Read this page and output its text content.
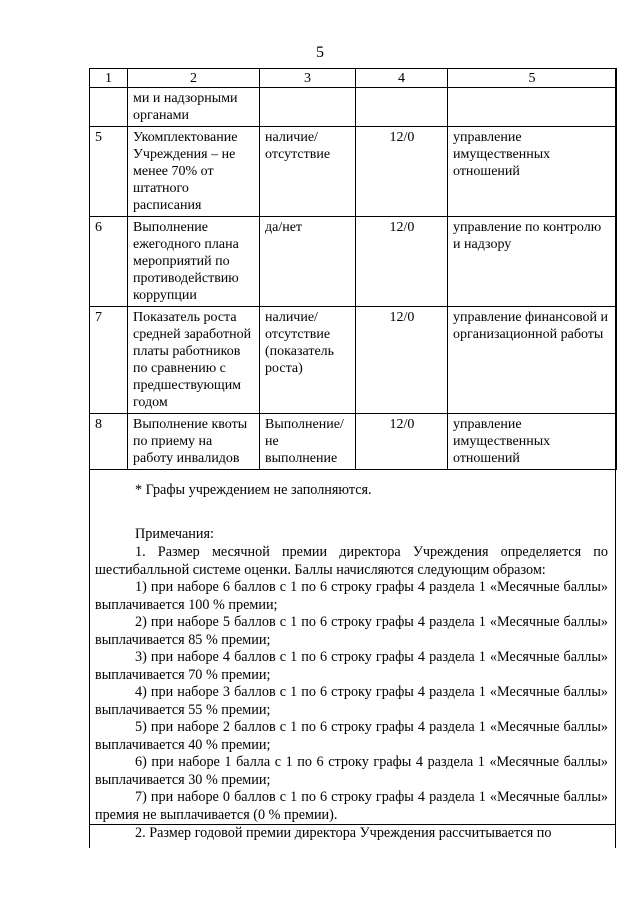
5
1	2	3	4	5
	ми и надзорными органами			
5	Укомплектование Учреждения – не менее 70% от штатного расписания	наличие/ отсутствие	12/0	управление имущественных отношений
6	Выполнение ежегодного плана мероприятий по противодействию коррупции	да/нет	12/0	управление по контролю и надзору
7	Показатель роста средней заработной платы работников по сравнению с предшествующим годом	наличие/ отсутствие (показатель роста)	12/0	управление финансовой и организационной работы
8	Выполнение квоты по приему на работу инвалидов	Выполнение/ не выполнение	12/0	управление имущественных отношений

* Графы учреждением не заполняются.

Примечания:

1. Размер месячной премии директора Учреждения определяется по шестибалльной системе оценки. Баллы начисляются следующим образом:

1) при наборе 6 баллов с 1 по 6 строку графы 4 раздела 1 «Месячные баллы» выплачивается 100 % премии;

2) при наборе 5 баллов с 1 по 6 строку графы 4 раздела 1 «Месячные баллы» выплачивается 85 % премии;

3) при наборе 4 баллов с 1 по 6 строку графы 4 раздела 1 «Месячные баллы» выплачивается 70 % премии;

4) при наборе 3 баллов с 1 по 6 строку графы 4 раздела 1 «Месячные баллы» выплачивается 55 % премии;

5) при наборе 2 баллов с 1 по 6 строку графы 4 раздела 1 «Месячные баллы» выплачивается 40 % премии;

6) при наборе 1 балла с 1 по 6 строку графы 4 раздела 1 «Месячные баллы» выплачивается 30 % премии;

7) при наборе 0 баллов с 1 по 6 строку графы 4 раздела 1 «Месячные баллы» премия не выплачивается (0 % премии).

2. Размер годовой премии директора Учреждения рассчитывается по
